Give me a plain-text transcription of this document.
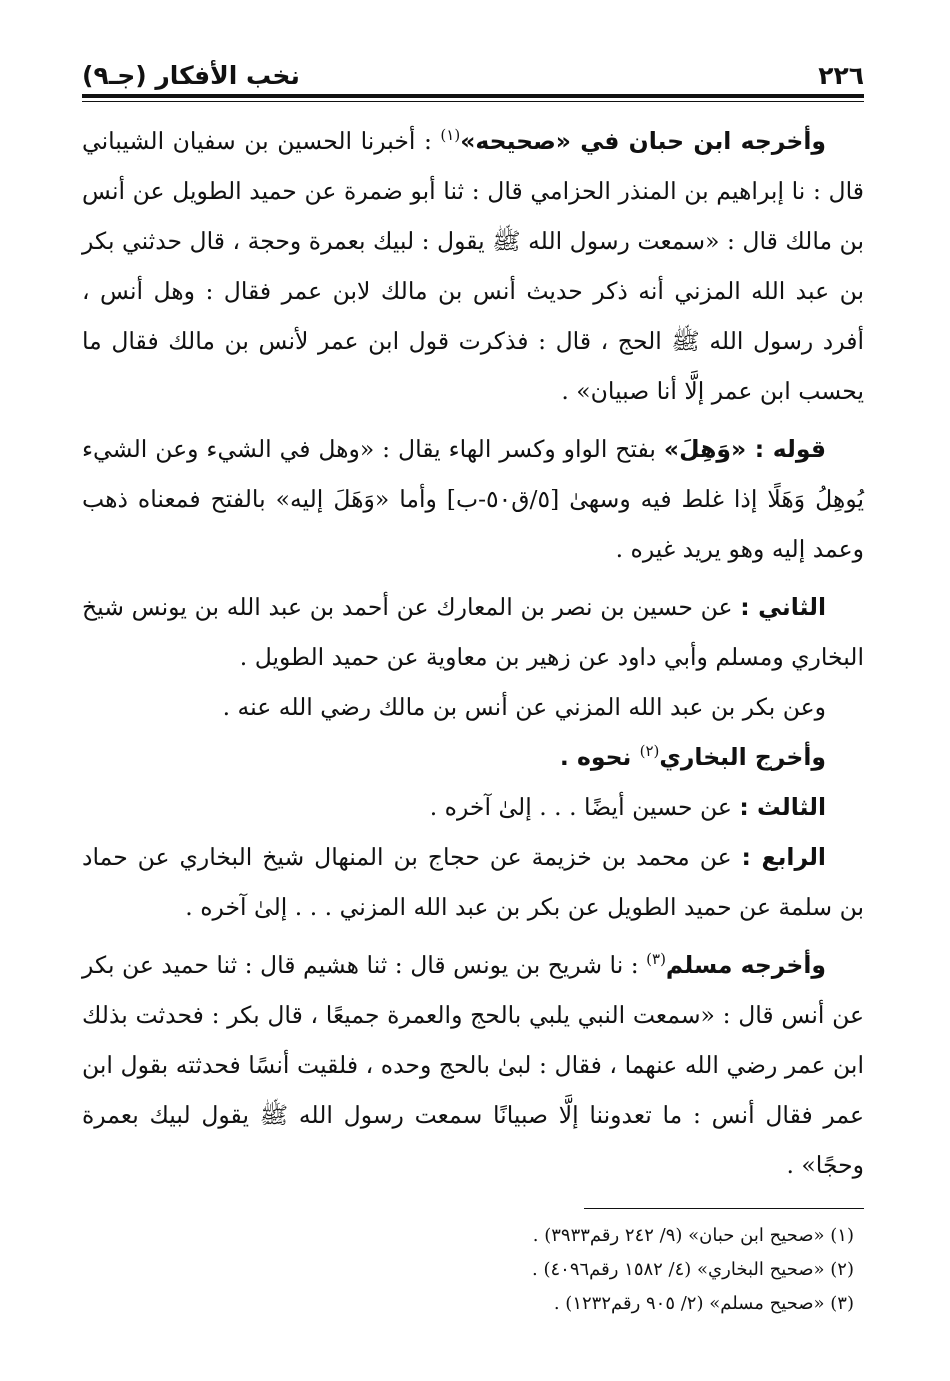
٢٢٦
نخب الأفكار (جـ٩)

وأخرجه ابن حبان في «صحيحه»$^{(١)}$ : أخبرنا الحسين بن سفيان الشيباني قال : نا إبراهيم بن المنذر الحزامي قال : ثنا أبو ضمرة عن حميد الطويل عن أنس بن مالك قال : «سمعت رسول الله ﷺ يقول : لبيك بعمرة وحجة ، قال حدثني بكر بن عبد الله المزني أنه ذكر حديث أنس بن مالك لابن عمر فقال : وهل أنس ، أفرد رسول الله ﷺ الحج ، قال : فذكرت قول ابن عمر لأنس بن مالك فقال ما يحسب ابن عمر إلَّا أنا صبيان» .

قوله : «وَهِلَ» بفتح الواو وكسر الهاء يقال : «وهل في الشيء وعن الشيء يُوهِلُ وَهَلًا إذا غلط فيه وسهىٰ [٥/ق٥٠-ب] وأما «وَهَلَ إليه» بالفتح فمعناه ذهب وعمد إليه وهو يريد غيره .

الثاني : عن حسين بن نصر بن المعارك عن أحمد بن عبد الله بن يونس شيخ البخاري ومسلم وأبي داود عن زهير بن معاوية عن حميد الطويل .

وعن بكر بن عبد الله المزني عن أنس بن مالك رضي الله عنه .

وأخرج البخاري$^{(٢)}$ نحوه .

الثالث : عن حسين أيضًا . . . إلىٰ آخره .

الرابع : عن محمد بن خزيمة عن حجاج بن المنهال شيخ البخاري عن حماد بن سلمة عن حميد الطويل عن بكر بن عبد الله المزني . . . إلىٰ آخره .

وأخرجه مسلم$^{(٣)}$ : نا شريح بن يونس قال : ثنا هشيم قال : ثنا حميد عن بكر عن أنس قال : «سمعت النبي يلبي بالحج والعمرة جميعًا ، قال بكر : فحدثت بذلك ابن عمر رضي الله عنهما ، فقال : لبىٰ بالحج وحده ، فلقيت أنسًا فحدثته بقول ابن عمر فقال أنس : ما تعدوننا إلَّا صبيانًا سمعت رسول الله ﷺ يقول لبيك بعمرة وحجًا» .

(١) «صحيح ابن حبان» (٩/ ٢٤٢ رقم٣٩٣٣) .

(٢) «صحيح البخاري» (٤/ ١٥٨٢ رقم٤٠٩٦) .

(٣) «صحيح مسلم» (٢/ ٩٠٥ رقم١٢٣٢) .
